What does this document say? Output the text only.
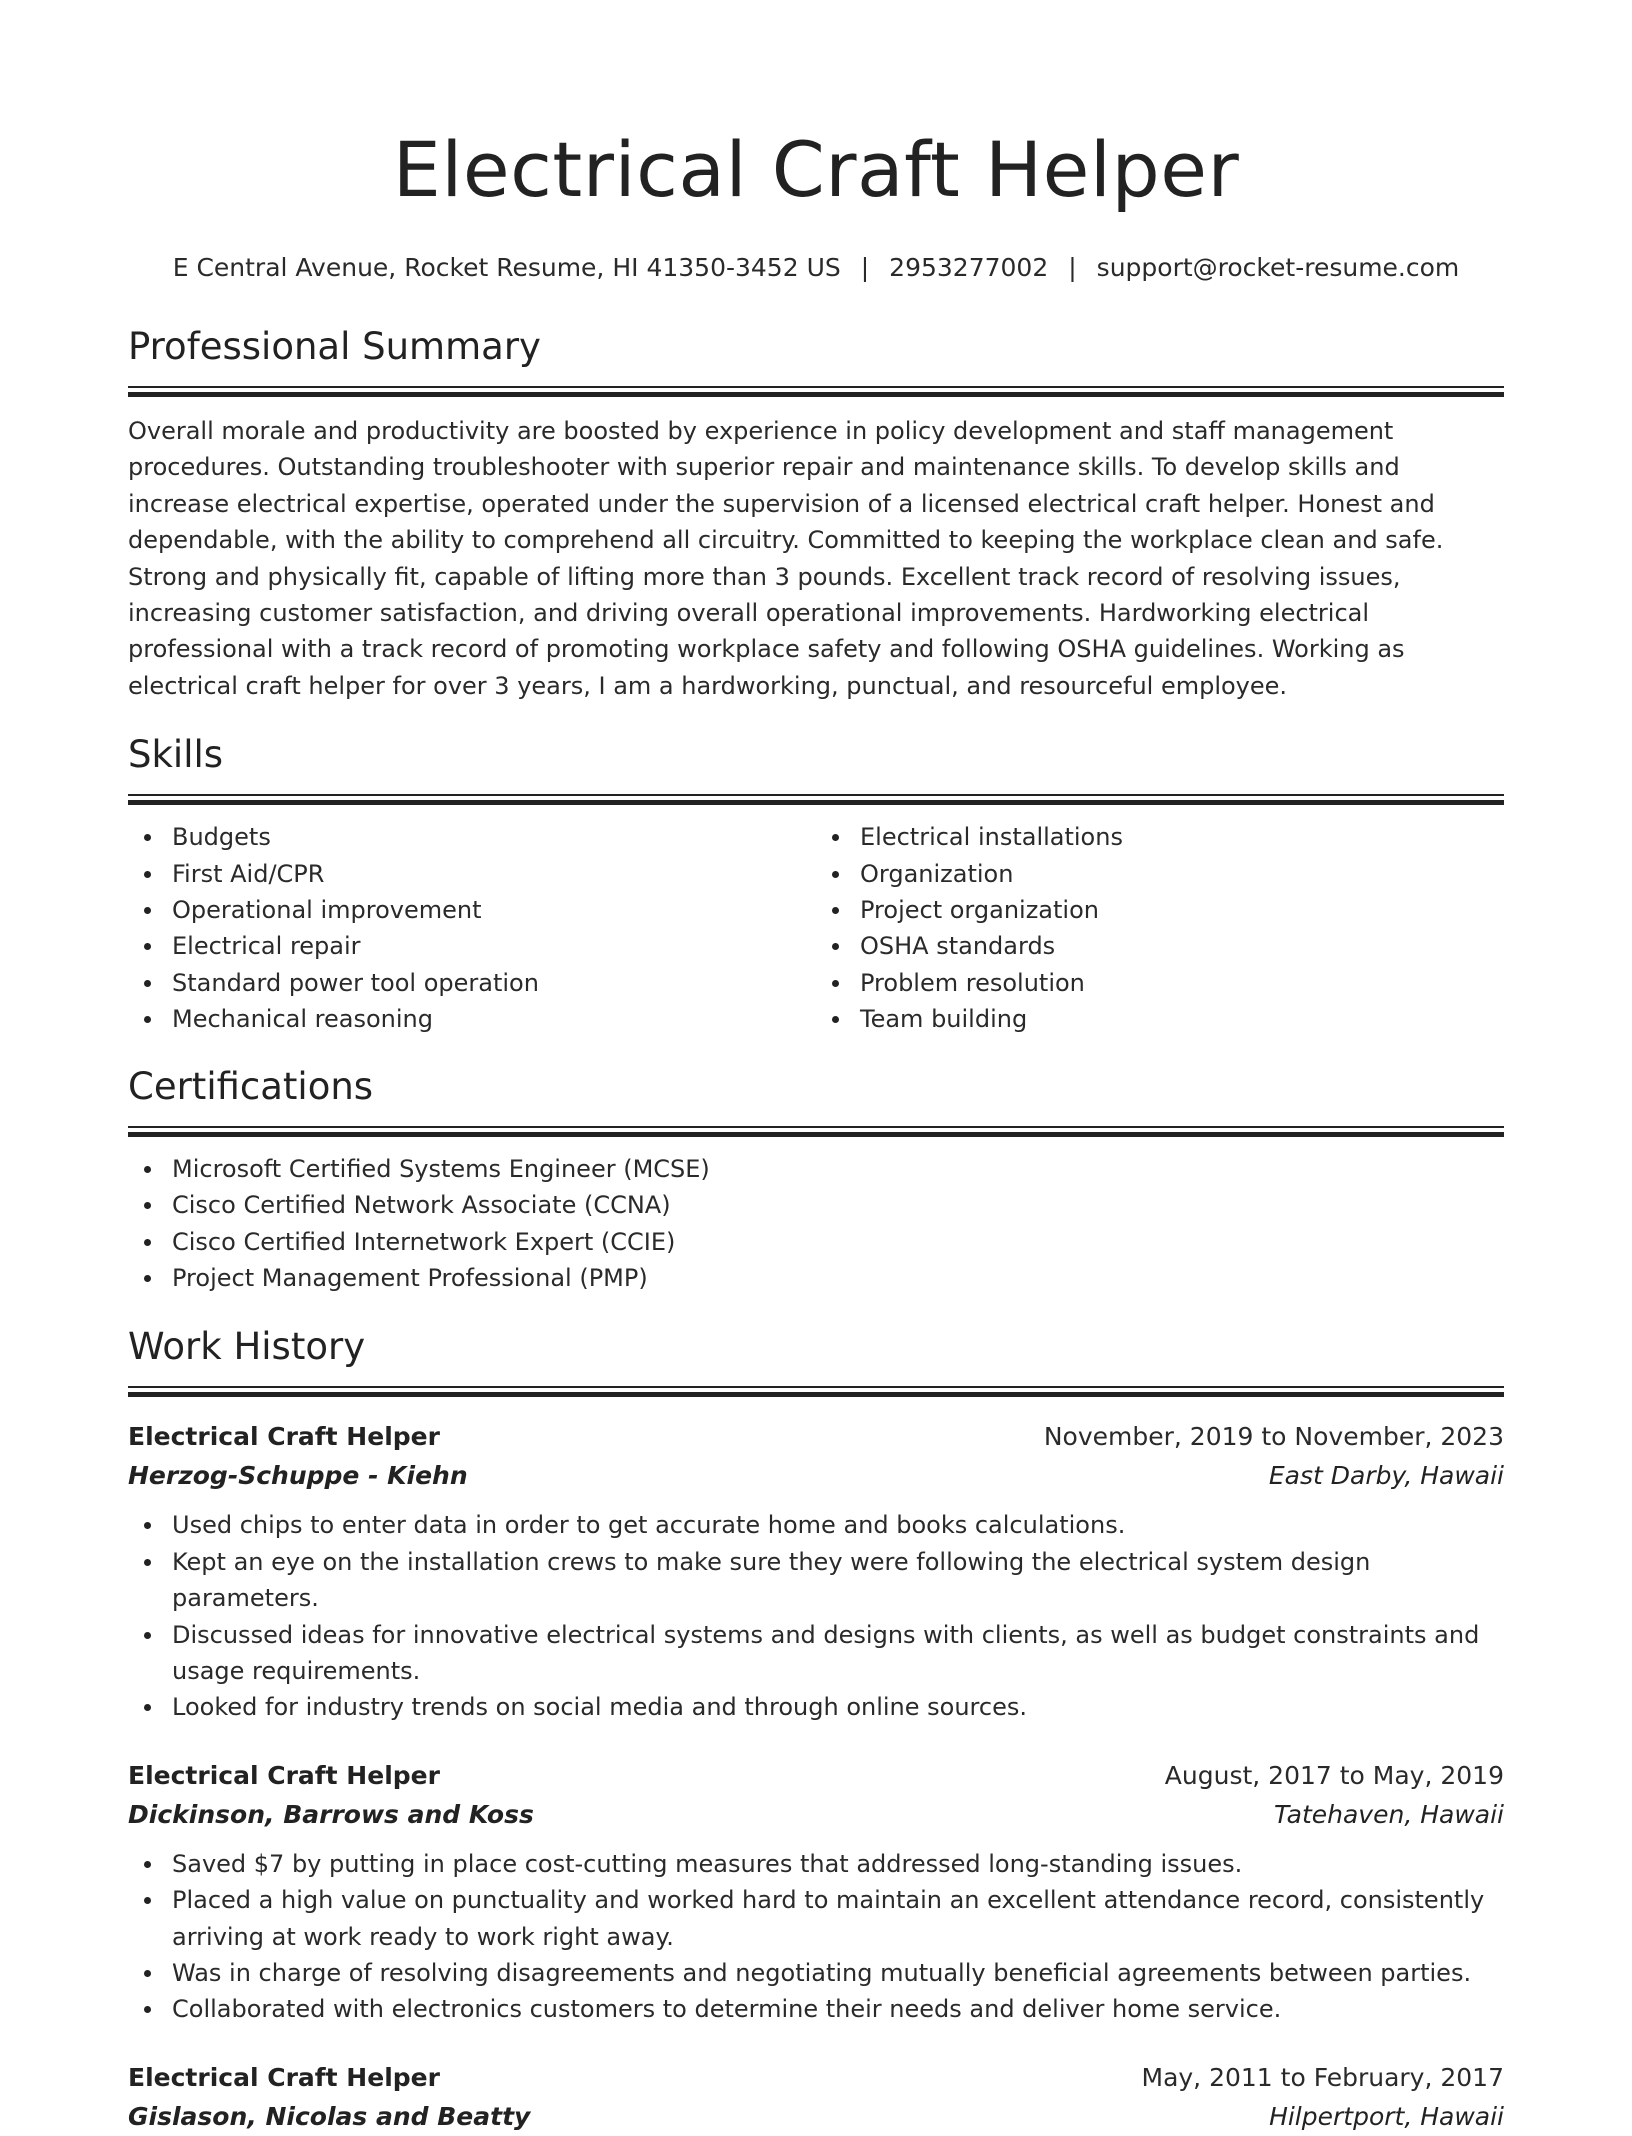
Electrical Craft Helper
E Central Avenue, Rocket Resume, HI 41350-3452 US | 2953277002 | support@rocket-resume.com
Professional Summary

Overall morale and productivity are boosted by experience in policy development and staff management procedures. Outstanding troubleshooter with superior repair and maintenance skills. To develop skills and increase electrical expertise, operated under the supervision of a licensed electrical craft helper. Honest and dependable, with the ability to comprehend all circuitry. Committed to keeping the workplace clean and safe. Strong and physically fit, capable of lifting more than 3 pounds. Excellent track record of resolving issues, increasing customer satisfaction, and driving overall operational improvements. Hardworking electrical professional with a track record of promoting workplace safety and following OSHA guidelines. Working as electrical craft helper for over 3 years, I am a hardworking, punctual, and resourceful employee.

Skills
Budgets
First Aid/CPR
Operational improvement
Electrical repair
Standard power tool operation
Mechanical reasoning
Electrical installations
Organization
Project organization
OSHA standards
Problem resolution
Team building
Certifications
Microsoft Certified Systems Engineer (MCSE)
Cisco Certified Network Associate (CCNA)
Cisco Certified Internetwork Expert (CCIE)
Project Management Professional (PMP)
Work History
Electrical Craft Helper	November, 2019 to November, 2023
Herzog-Schuppe - Kiehn	East Darby, Hawaii
Used chips to enter data in order to get accurate home and books calculations.
Kept an eye on the installation crews to make sure they were following the electrical system design parameters.
Discussed ideas for innovative electrical systems and designs with clients, as well as budget constraints and usage requirements.
Looked for industry trends on social media and through online sources.
Electrical Craft Helper	August, 2017 to May, 2019
Dickinson, Barrows and Koss	Tatehaven, Hawaii
Saved $7 by putting in place cost-cutting measures that addressed long-standing issues.
Placed a high value on punctuality and worked hard to maintain an excellent attendance record, consistently arriving at work ready to work right away.
Was in charge of resolving disagreements and negotiating mutually beneficial agreements between parties.
Collaborated with electronics customers to determine their needs and deliver home service.
Electrical Craft Helper	May, 2011 to February, 2017
Gislason, Nicolas and Beatty	Hilpertport, Hawaii
